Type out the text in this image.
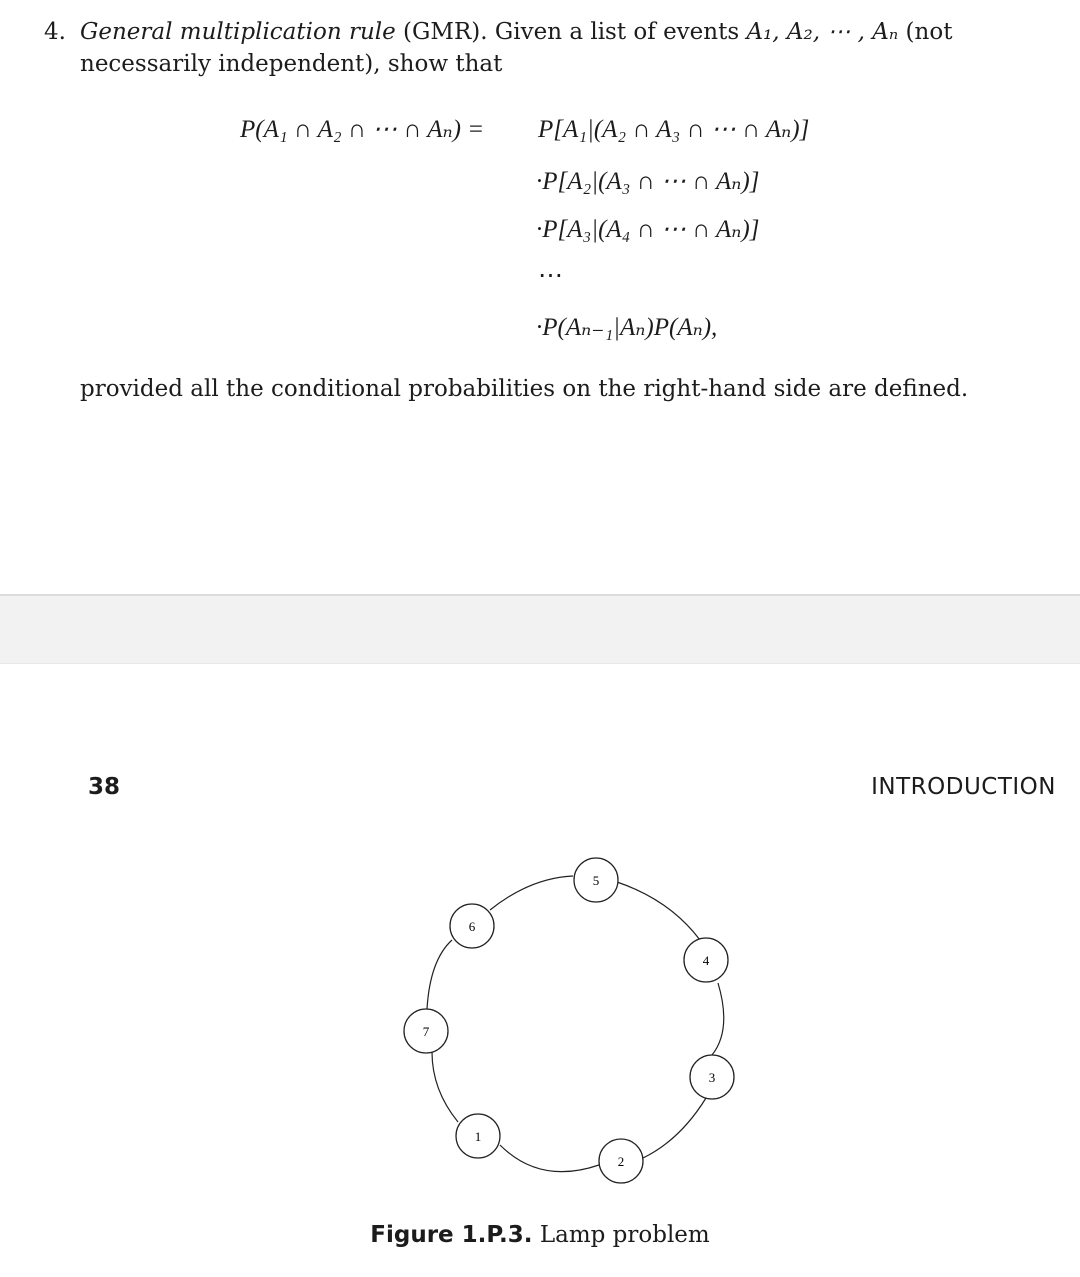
4. General multiplication rule (GMR). Given a list of events A₁, A₂, ⋯ , Aₙ (not
necessarily independent), show that
P(A₁ ∩ A₂ ∩ ⋯ ∩ Aₙ) = P[A₁|(A₂ ∩ A₃ ∩ ⋯ ∩ Aₙ)]
·P[A₂|(A₃ ∩ ⋯ ∩ Aₙ)]
·P[A₃|(A₄ ∩ ⋯ ∩ Aₙ)]
⋯
·P(Aₙ₋₁|Aₙ)P(Aₙ),
provided all the conditional probabilities on the right-hand side are defined.
38	INTRODUCTION
5
6
4
7
3
1
2
Figure 1.P.3. Lamp problem
